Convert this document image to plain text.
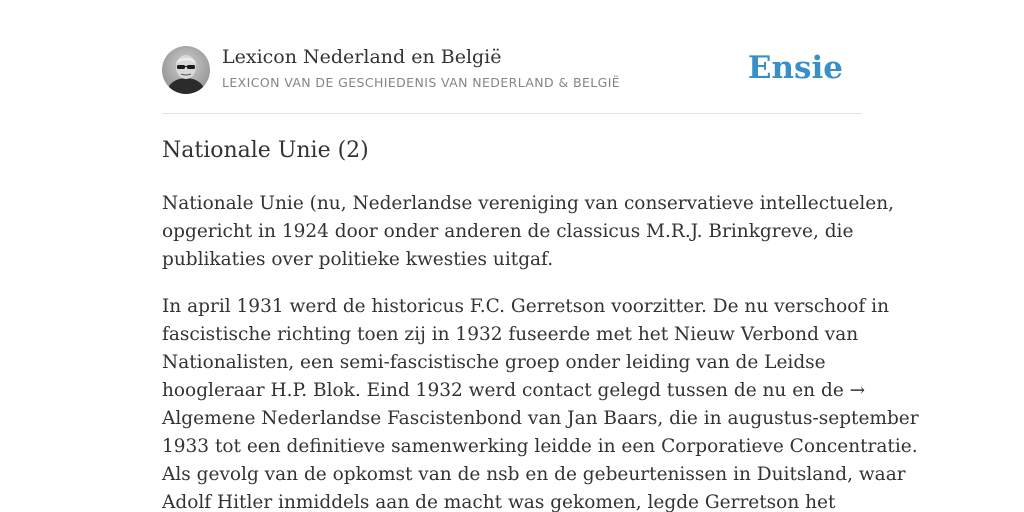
Lexicon Nederland en België
LEXICON VAN DE GESCHIEDENIS VAN NEDERLAND & BELGIË	Ensie
Nationale Unie (2)

Nationale Unie (nu, Nederlandse vereniging van conservatieve intellectuelen,
opgericht in 1924 door onder anderen de classicus M.R.J. Brinkgreve, die
publikaties over politieke kwesties uitgaf.

In april 1931 werd de historicus F.C. Gerretson voorzitter. De nu verschoof in
fascistische richting toen zij in 1932 fuseerde met het Nieuw Verbond van
Nationalisten, een semi-fascistische groep onder leiding van de Leidse
hoogleraar H.P. Blok. Eind 1932 werd contact gelegd tussen de nu en de →
Algemene Nederlandse Fascistenbond van Jan Baars, die in augustus-september
1933 tot een definitieve samenwerking leidde in een Corporatieve Concentratie.
Als gevolg van de opkomst van de nsb en de gebeurtenissen in Duitsland, waar
Adolf Hitler inmiddels aan de macht was gekomen, legde Gerretson het
